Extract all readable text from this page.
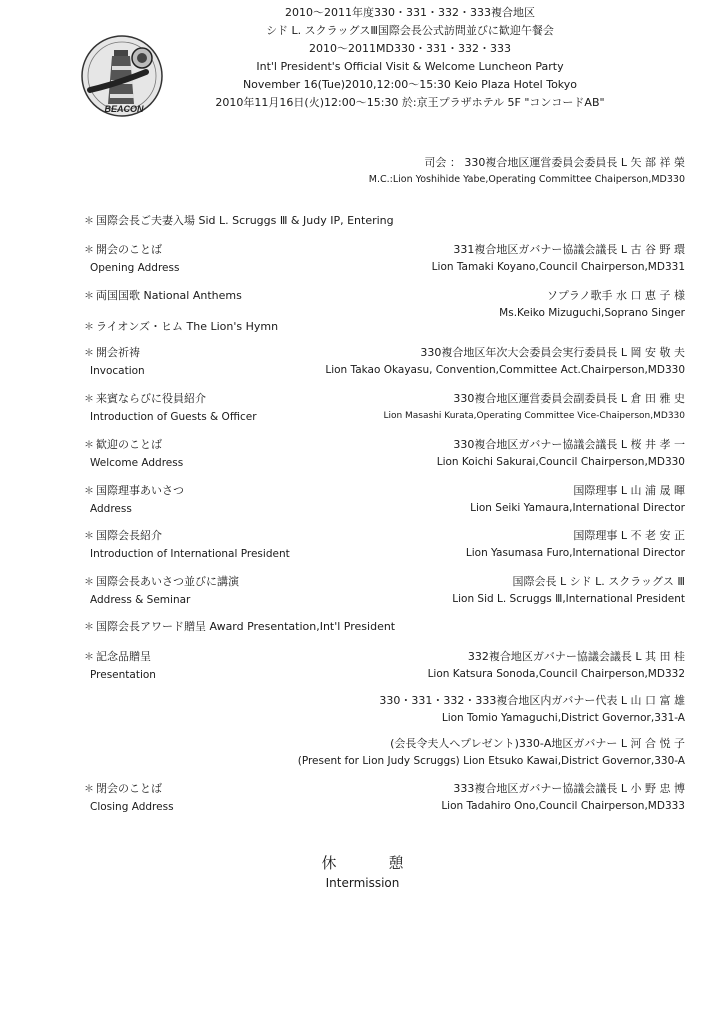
BEACON
2010～2011年度330・331・332・333複合地区
シド L. スクラッグスⅢ国際会長公式訪問並びに歓迎午餐会
2010～2011MD330・331・332・333
Int'l President's Official Visit & Welcome Luncheon Party
November 16(Tue)2010,12:00～15:30 Keio Plaza Hotel Tokyo
2010年11月16日(火)12:00～15:30 於:京王プラザホテル 5F "コンコードAB"
司会 ： 330複合地区運営委員会委員長 L 矢 部 祥 榮
M.C.:Lion Yoshihide Yabe,Operating Committee Chaiperson,MD330
＊ 国際会長ご夫妻入場 Sid L. Scruggs Ⅲ & Judy IP, Entering
＊ 開会のことば
Opening Address
331複合地区ガバナー協議会議長 L 古 谷 野 環
Lion Tamaki Koyano,Council Chairperson,MD331
＊ 両国国歌 National Anthems	ソプラノ歌手 水 口 恵 子 様
Ms.Keiko Mizuguchi,Soprano Singer
＊ ライオンズ・ヒム The Lion's Hymn
＊ 開会祈祷
Invocation
330複合地区年次大会委員会実行委員長 L 岡 安 敬 夫
Lion Takao Okayasu, Convention,Committee Act.Chairperson,MD330
＊ 来賓ならびに役員紹介
Introduction of Guests & Officer
330複合地区運営委員会副委員長 L 倉 田 雅 史
Lion Masashi Kurata,Operating Committee Vice-Chaiperson,MD330
＊ 歓迎のことば
Welcome Address
330複合地区ガバナー協議会議長 L 桜 井 孝 一
Lion Koichi Sakurai,Council Chairperson,MD330
＊ 国際理事あいさつ
Address
国際理事 L 山 浦 晟 暉
Lion Seiki Yamaura,International Director
＊ 国際会長紹介
Introduction of International President
国際理事 L 不 老 安 正
Lion Yasumasa Furo,International Director
＊ 国際会長あいさつ並びに講演
Address & Seminar
国際会長 L シド L. スクラッグス Ⅲ
Lion Sid L. Scruggs Ⅲ,International President
＊ 国際会長アワード贈呈 Award Presentation,Int'l President
＊ 記念品贈呈
Presentation
332複合地区ガバナー協議会議長 L 其 田 桂
Lion Katsura Sonoda,Council Chairperson,MD332
330・331・332・333複合地区内ガバナー代表 L 山 口 富 雄
Lion Tomio Yamaguchi,District Governor,331-A
(会長令夫人へプレゼント)330-A地区ガバナー L 河 合 悦 子
(Present for Lion Judy Scruggs) Lion Etsuko Kawai,District Governor,330-A
＊ 閉会のことば
Closing Address
333複合地区ガバナー協議会議長 L 小 野 忠 博
Lion Tadahiro Ono,Council Chairperson,MD333
休憩
Intermission
